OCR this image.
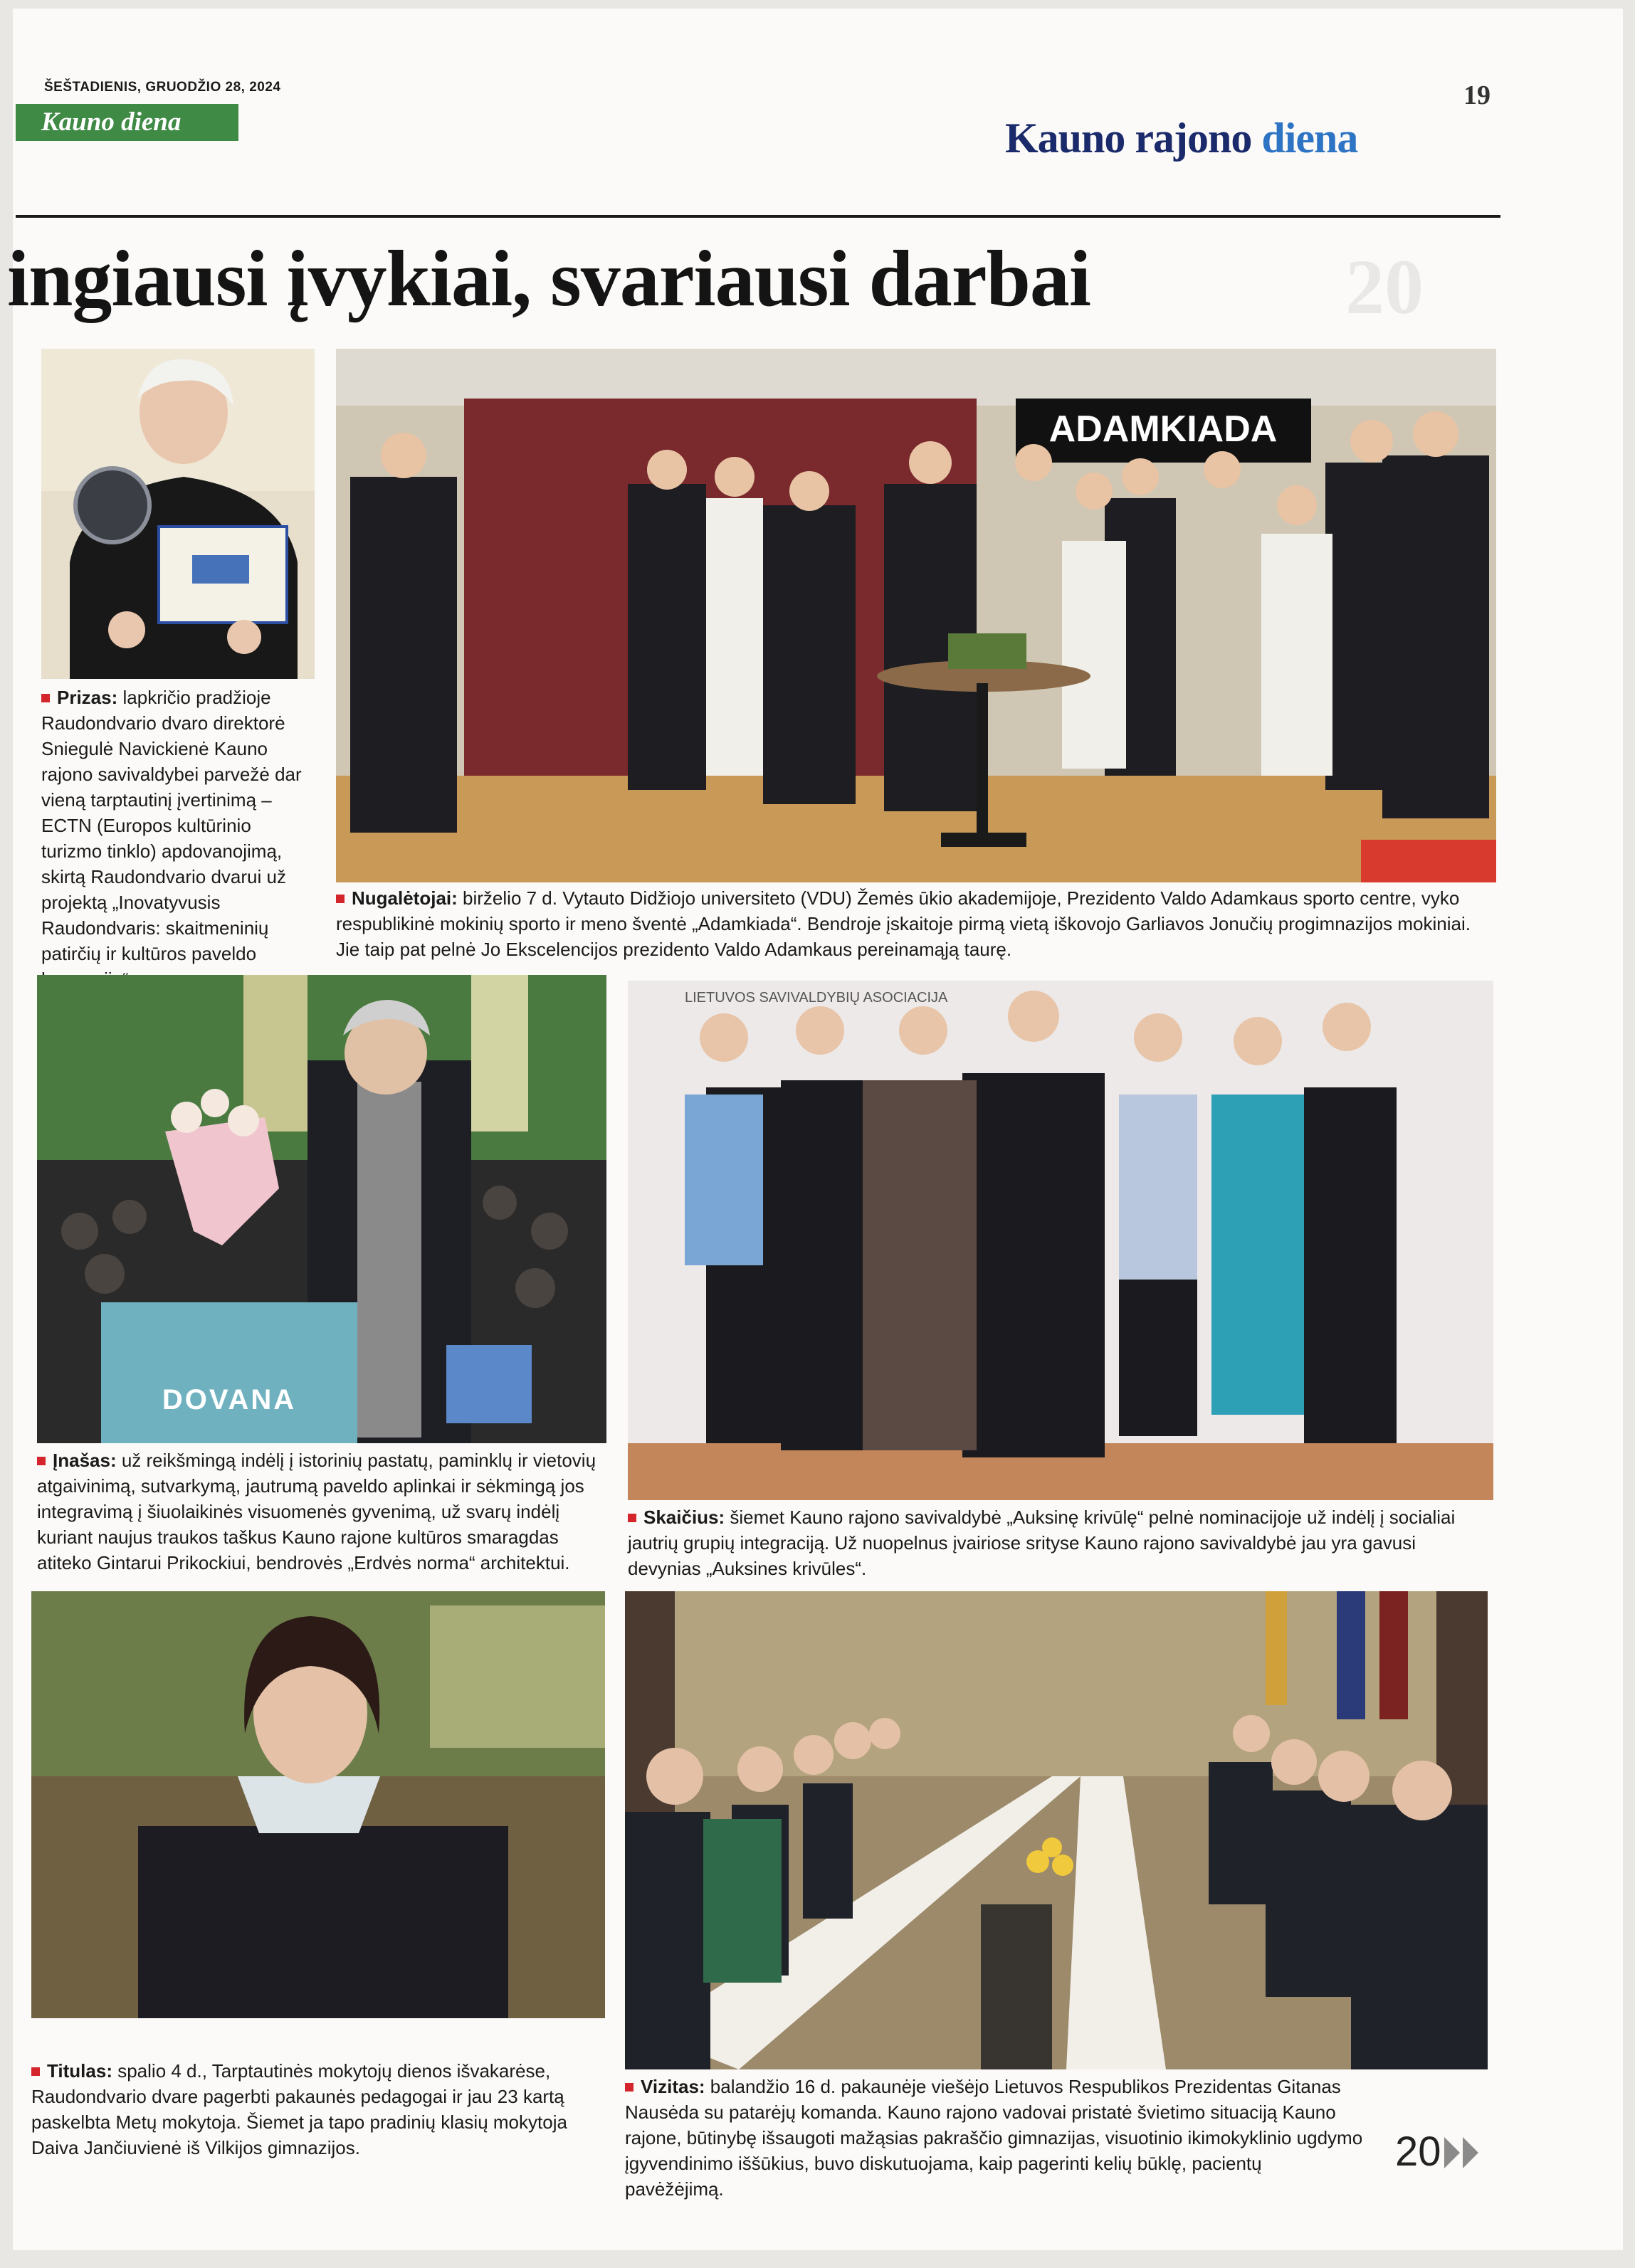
ŠEŠTADIENIS, GRUODŽIO 28, 2024
Kauno diena
19
Kauno rajono diena
ingiausi įvykiai, svariausi darbai	20
ADAMKIADA
Prizas: lapkričio pradžioje Raudondvario dvaro direktorė Sniegulė Navickienė Kauno rajono savivaldybei parvežė dar vieną tarptautinį įvertinimą – ECTN (Europos kultūrinio turizmo tinklo) apdovanojimą, skirtą Raudondvario dvarui už projektą „Inovatyvusis Raudondvaris: skaitmeninių patirčių ir kultūros paveldo
Nugalėtojai: birželio 7 d. Vytauto Didžiojo universiteto (VDU) Žemės ūkio akademijoje, Prezidento Valdo Adamkaus sporto centre, vyko respublikinė mokinių sporto ir meno šventė „Adamkiada“. Bendroje įskaitoje pirmą vietą iškovojo Garliavos Jonučių progimnazijos mokiniai. Jie taip pat pelnė Jo Ekscelencijos prezidento Valdo Adamkaus pereinamąją taurę.
DOVANA
LIETUVOS SAVIVALDYBIŲ ASOCIACIJA
Įnašas: už reikšmingą indėlį į istorinių pastatų, paminklų ir vietovių atgaivinimą, sutvarkymą, jautrumą paveldo aplinkai ir sėkmingą jos integravimą į šiuolaikinės visuomenės gyvenimą, už svarų indėlį kuriant naujus traukos taškus Kauno rajone kultūros smaragdas atiteko Gintarui Prikockiui, bendrovės „Erdvės norma“ architektui.
Skaičius: šiemet Kauno rajono savivaldybė „Auksinę krivūlę“ pelnė nominacijoje už indėlį į socialiai jautrių grupių integraciją. Už nuopelnus įvairiose srityse Kauno rajono savivaldybė jau yra gavusi devynias „Auksines krivūles“.
Titulas: spalio 4 d., Tarptautinės mokytojų dienos išvakarėse, Raudondvario dvare pagerbti pakaunės pedagogai ir jau 23 kartą paskelbta Metų mokytoja. Šiemet ja tapo pradinių klasių mokytoja Daiva Jančiuvienė iš Vilkijos gimnazijos.
Vizitas: balandžio 16 d. pakaunėje viešėjo Lietuvos Respublikos Prezidentas Gitanas Nausėda su patarėjų komanda. Kauno rajono vadovai pristatė švietimo situaciją Kauno rajone, būtinybę išsaugoti mažąsias pakraščio gimnazijas, visuotinio ikimokyklinio ugdymo įgyvendinimo iššūkius, buvo diskutuojama, kaip pagerinti kelių būklę, pacientų pavėžėjimą.
20
